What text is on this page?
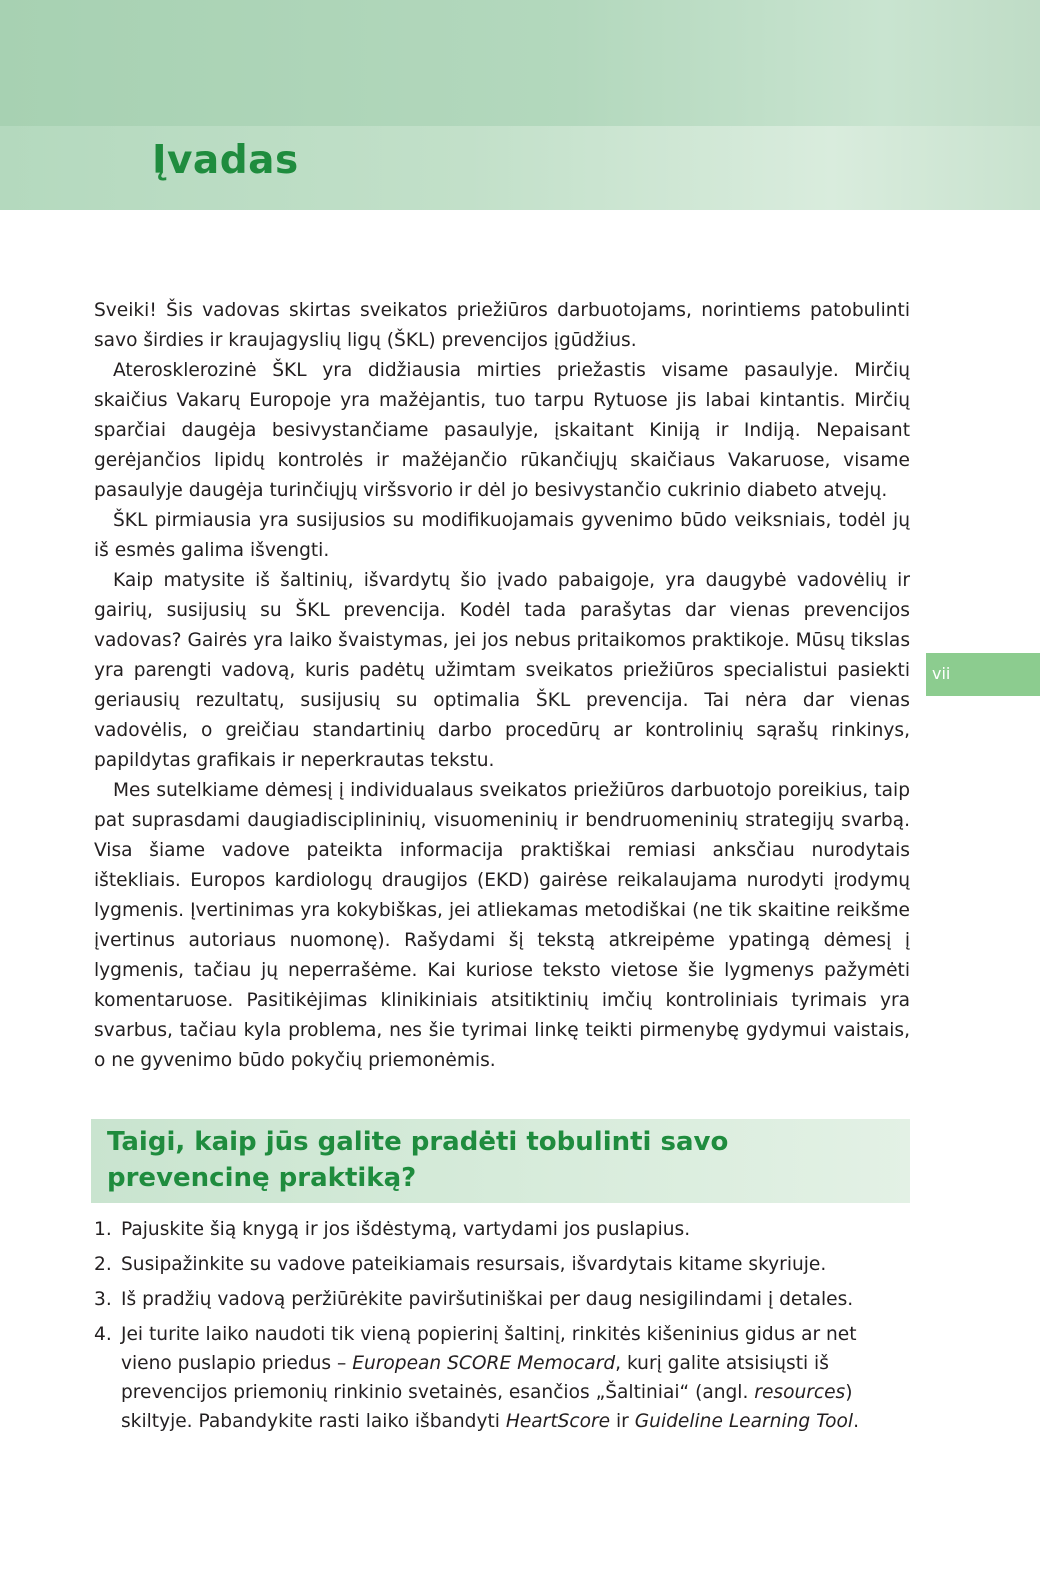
Įvadas

Sveiki! Šis vadovas skirtas sveikatos priežiūros darbuotojams, norintiems patobulinti savo širdies ir kraujagyslių ligų (ŠKL) prevencijos įgūdžius.

Aterosklerozinė ŠKL yra didžiausia mirties priežastis visame pasaulyje. Mirčių skaičius Vakarų Europoje yra mažėjantis, tuo tarpu Rytuose jis labai kintantis. Mirčių sparčiai daugėja besivystančiame pasaulyje, įskaitant Kiniją ir Indiją. Nepaisant gerėjančios lipidų kontrolės ir mažėjančio rūkančiųjų skaičiaus Vakaruose, visame pasaulyje daugėja turinčiųjų viršsvorio ir dėl jo besivystančio cukrinio diabeto atvejų.

ŠKL pirmiausia yra susijusios su modifikuojamais gyvenimo būdo veiksniais, todėl jų iš esmės galima išvengti.

Kaip matysite iš šaltinių, išvardytų šio įvado pabaigoje, yra daugybė vadovėlių ir gairių, susijusių su ŠKL prevencija. Kodėl tada parašytas dar vienas prevencijos vadovas? Gairės yra laiko švaistymas, jei jos nebus pritaikomos praktikoje. Mūsų tikslas yra parengti vadovą, kuris padėtų užimtam sveikatos priežiūros specialistui pasiekti geriausių rezultatų, susijusių su optimalia ŠKL prevencija. Tai nėra dar vienas vadovėlis, o greičiau standartinių darbo procedūrų ar kontrolinių sąrašų rinkinys, papildytas grafikais ir neperkrautas tekstu.

Mes sutelkiame dėmesį į individualaus sveikatos priežiūros darbuotojo poreikius, taip pat suprasdami daugiadisciplininių, visuomeninių ir bendruomeninių strategijų svarbą. Visa šiame vadove pateikta informacija praktiškai remiasi anksčiau nurodytais ištekliais. Europos kardiologų draugijos (EKD) gairėse reikalaujama nurodyti įrodymų lygmenis. Įvertinimas yra kokybiškas, jei atliekamas metodiškai (ne tik skaitine reikšme įvertinus autoriaus nuomonę). Rašydami šį tekstą atkreipėme ypatingą dėmesį į lygmenis, tačiau jų neperrašėme. Kai kuriose teksto vietose šie lygmenys pažymėti komentaruose. Pasitikėjimas klinikiniais atsitiktinių imčių kontroliniais tyrimais yra svarbus, tačiau kyla problema, nes šie tyrimai linkę teikti pirmenybę gydymui vaistais, o ne gyvenimo būdo pokyčių priemonėmis.

vii
Taigi, kaip jūs galite pradėti tobulinti savo prevencinę praktiką?
1. Pajuskite šią knygą ir jos išdėstymą, vartydami jos puslapius.
2. Susipažinkite su vadove pateikiamais resursais, išvardytais kitame skyriuje.
3. Iš pradžių vadovą peržiūrėkite paviršutiniškai per daug nesigilindami į detales.
4. Jei turite laiko naudoti tik vieną popierinį šaltinį, rinkitės kišeninius gidus ar net vieno puslapio priedus – European SCORE Memocard, kurį galite atsisiųsti iš prevencijos priemonių rinkinio svetainės, esančios „Šaltiniai“ (angl. resources) skiltyje. Pabandykite rasti laiko išbandyti HeartScore ir Guideline Learning Tool.
